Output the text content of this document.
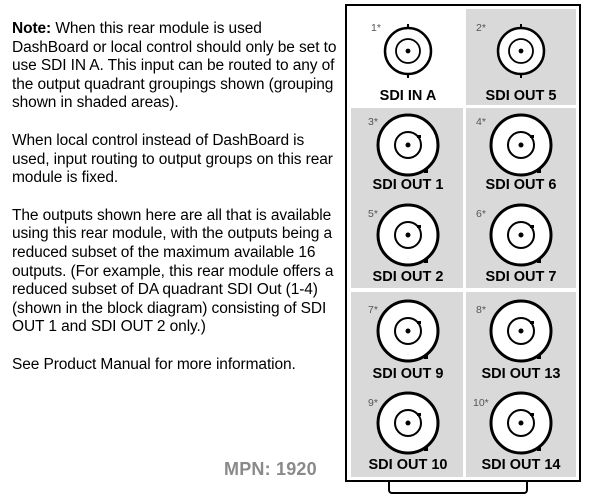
Note: When this rear module is used DashBoard or local control should only be set to use SDI IN A. This input can be routed to any of the output quadrant groupings shown (grouping shown in shaded areas).

When local control instead of DashBoard is used, input routing to output groups on this rear module is fixed.

The outputs shown here are all that is available using this rear module, with the outputs being a reduced subset of the maximum available 16 outputs. (For example, this rear module offers a reduced subset of DA quadrant SDI Out (1-4) (shown in the block diagram) consisting of SDI OUT 1 and SDI OUT 2 only.)

See Product Manual for more information.

MPN: 1920
1*
SDI IN A
2*
SDI OUT 5
3*
SDI OUT 1
4*
SDI OUT 6
5*
SDI OUT 2
6*
SDI OUT 7
7*
SDI OUT 9
8*
SDI OUT 13
9*
SDI OUT 10
10*
SDI OUT 14
